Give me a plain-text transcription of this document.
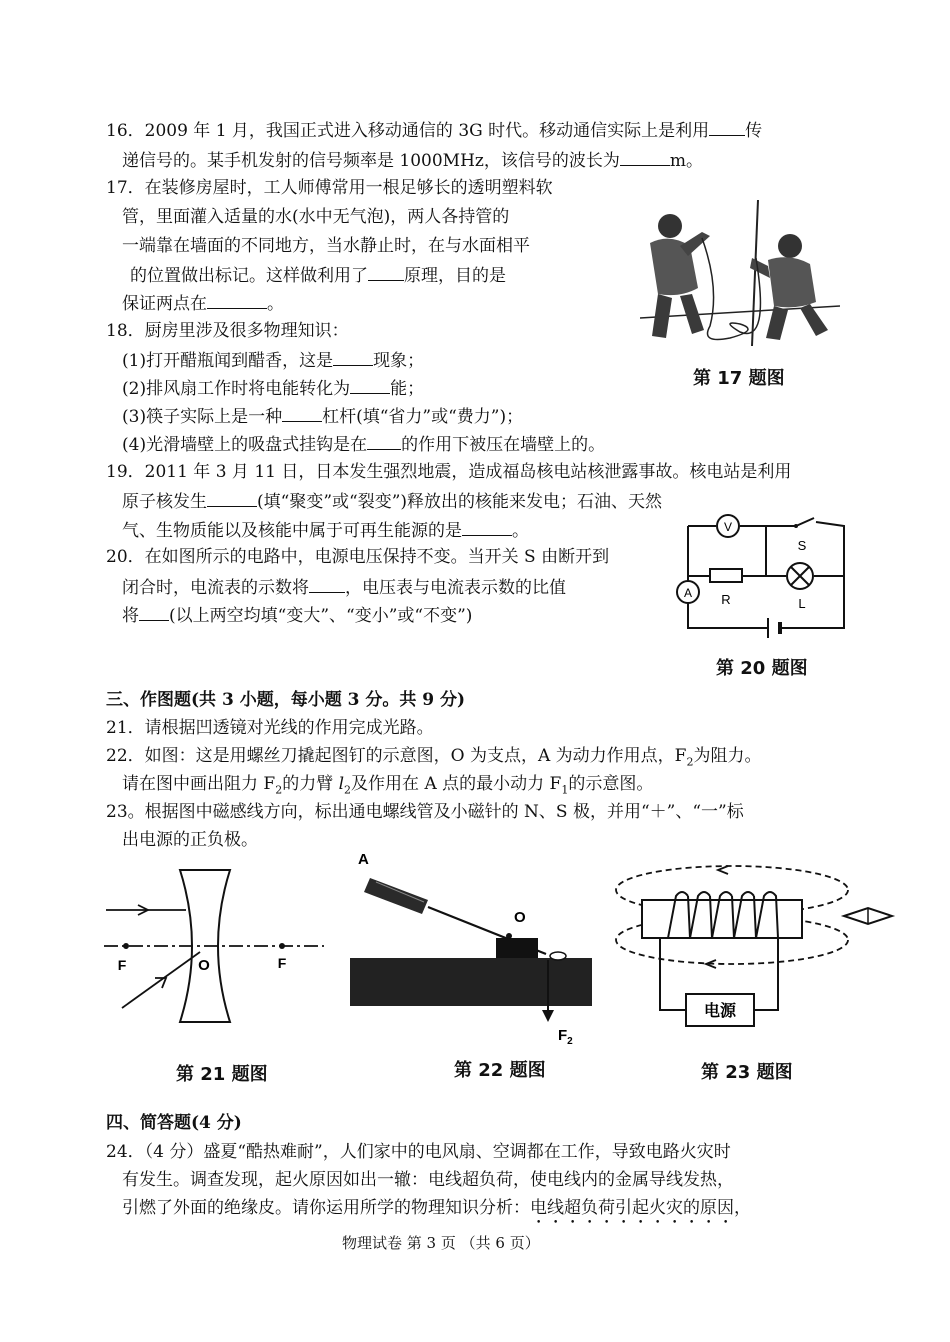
16．2009 年 1 月，我国正式进入移动通信的 3G 时代。移动通信实际上是利用 传
递信号的。某手机发射的信号频率是 1000MHz，该信号的波长为	m。
17．在装修房屋时，工人师傅常用一根足够长的透明塑料软
管，里面灌入适量的水(水中无气泡)，两人各持管的
一端靠在墙面的不同地方，当水静止时，在与水面相平
的位置做出标记。这样做利用了 原理，目的是
保证两点在	。
第 17 题图
18．厨房里涉及很多物理知识：
(1)打开醋瓶闻到醋香，这是 现象；
(2)排风扇工作时将电能转化为 能；
(3)筷子实际上是一种 杠杆(填“省力”或“费力”)；
(4)光滑墙壁上的吸盘式挂钩是在 的作用下被压在墙壁上的。
19．2011 年 3 月 11 日，日本发生强烈地震，造成福岛核电站核泄露事故。核电站是利用
原子核发生	(填“聚变”或“裂变”)释放出的核能来发电；石油、天然
气、生物质能以及核能中属于可再生能源的是	。
20．在如图所示的电路中，电源电压保持不变。当开关 S 由断开到
闭合时，电流表的示数将 ，电压表与电流表示数的比值
将 (以上两空均填“变大”、“变小”或“不变”)
V
S
R	L
A
第 20 题图
三、作图题(共 3 小题，每小题 3 分。共 9 分)
21．请根据凹透镜对光线的作用完成光路。
22．如图：这是用螺丝刀撬起图钉的示意图，O 为支点，A 为动力作用点，$F_2$为阻力。
请在图中画出阻力 $F_2$的力臂 $l_2$及作用在 A 点的最小动力 $F_1$的示意图。
23。根据图中磁感线方向，标出通电螺线管及小磁针的 N、S 极，并用“＋”、“一”标
出电源的正负极。
F	O	F
第 21 题图
A
O
$F_2$
第 22 题图
电源
第 23 题图
四、简答题(4 分)
24．（4 分）盛夏“酷热难耐”，人们家中的电风扇、空调都在工作，导致电路火灾时
有发生。调查发现，起火原因如出一辙：电线超负荷，使电线内的金属导线发热，
引燃了外面的绝缘皮。请你运用所学的物理知识分析：电线超负荷引起火灾的原因，
物理试卷 第 3 页 （共 6 页）
